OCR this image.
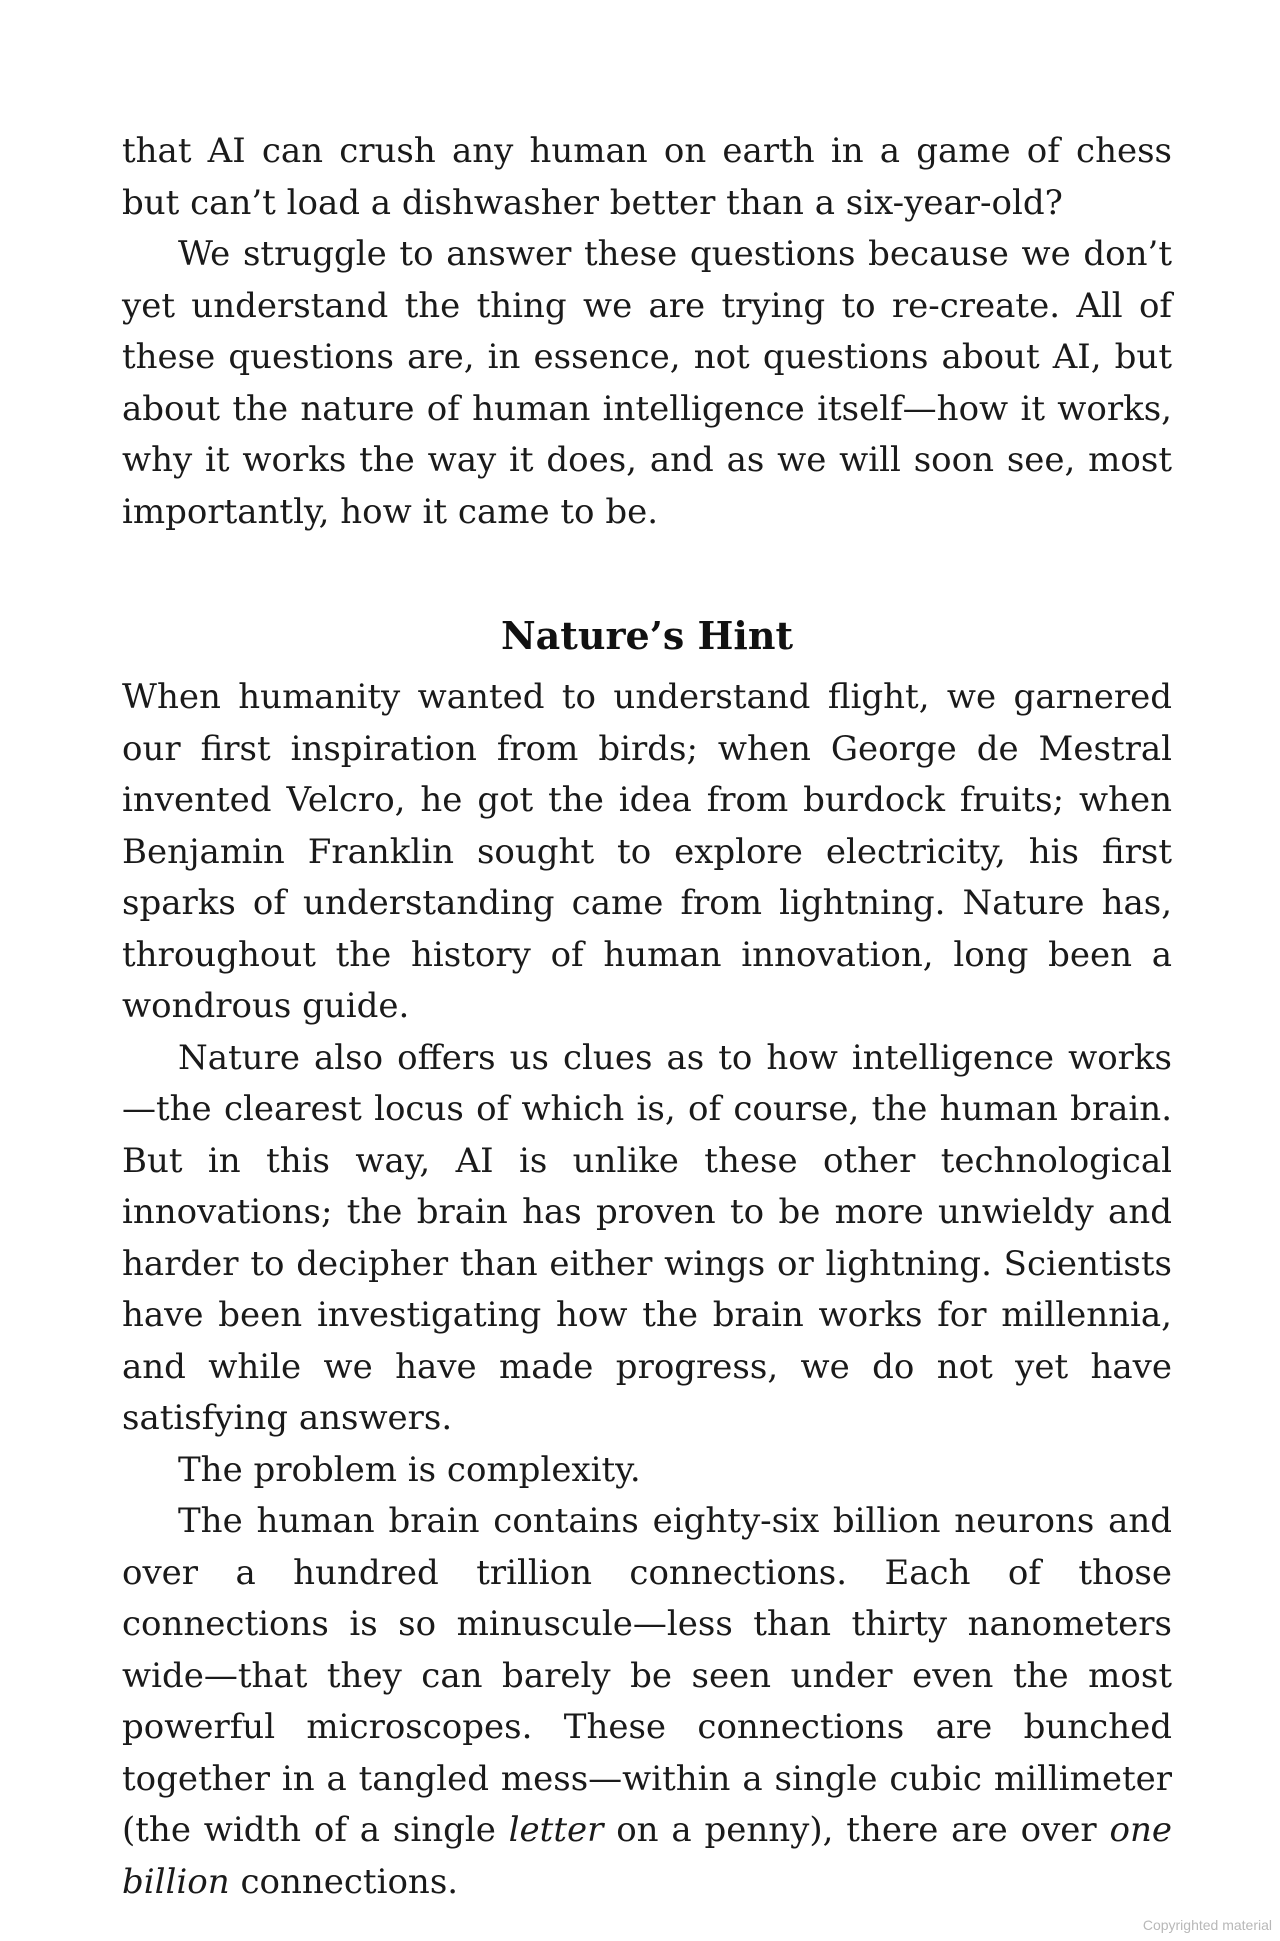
that AI can crush any human on earth in a game of chess but can’t load a dishwasher better than a six-year-old?

We struggle to answer these questions because we don’t yet understand the thing we are trying to re-create. All of these questions are, in essence, not questions about AI, but about the nature of human intelligence itself—how it works, why it works the way it does, and as we will soon see, most importantly, how it came to be.

Nature’s Hint

When humanity wanted to understand flight, we garnered our first inspiration from birds; when George de Mestral invented Velcro, he got the idea from burdock fruits; when Benjamin Franklin sought to explore electricity, his first sparks of understanding came from lightning. Nature has, throughout the history of human innovation, long been a wondrous guide.

Nature also offers us clues as to how intelligence works—the clearest locus of which is, of course, the human brain. But in this way, AI is unlike these other technological innovations; the brain has proven to be more unwieldy and harder to decipher than either wings or lightning. Scientists have been investigating how the brain works for millennia, and while we have made progress, we do not yet have satisfying answers.

The problem is complexity.

The human brain contains eighty-six billion neurons and over a hundred trillion connections. Each of those connections is so minuscule—less than thirty nanometers wide—that they can barely be seen under even the most powerful microscopes. These connections are bunched together in a tangled mess—within a single cubic millimeter (the width of a single letter on a penny), there are over one billion connections.

Copyrighted material
